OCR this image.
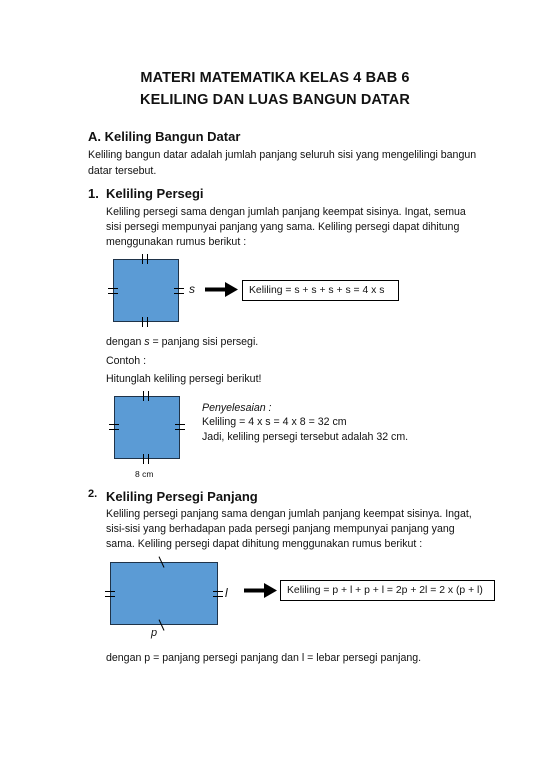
MATERI MATEMATIKA KELAS 4 BAB 6
KELILING DAN LUAS BANGUN DATAR
A. Keliling Bangun Datar
Keliling bangun datar adalah jumlah panjang seluruh sisi yang mengelilingi bangun
datar tersebut.
1. Keliling Persegi
Keliling persegi sama dengan jumlah panjang keempat sisinya. Ingat, semua
sisi persegi mempunyai panjang yang sama. Keliling persegi dapat dihitung
menggunakan rumus berikut :
s	Keliling = s + s + s + s = 4 x s
dengan s = panjang sisi persegi.
Contoh :
Hitunglah keliling persegi berikut!
8 cm
Penyelesaian :
Keliling = 4 x s = 4 x 8 = 32 cm
Jadi, keliling persegi tersebut adalah 32 cm.
2. Keliling Persegi Panjang
Keliling persegi panjang sama dengan jumlah panjang keempat sisinya. Ingat,
sisi-sisi yang berhadapan pada persegi panjang mempunyai panjang yang
sama. Keliling persegi dapat dihitung menggunakan rumus berikut :
l
p
Keliling = p + l + p + l = 2p + 2l = 2 x (p + l)
dengan p = panjang persegi panjang dan l = lebar persegi panjang.
